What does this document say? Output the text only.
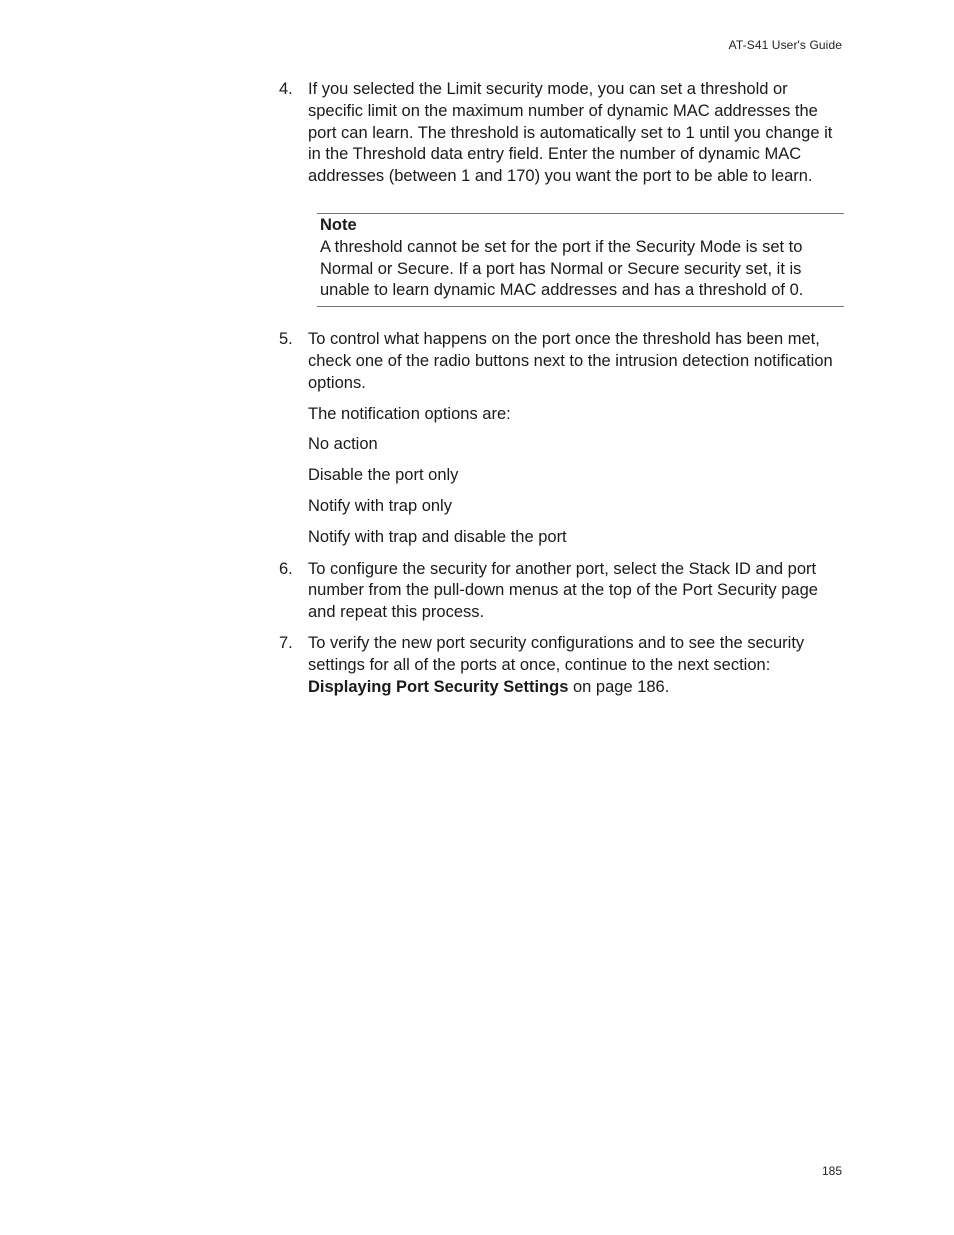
AT-S41 User's Guide
4. If you selected the Limit security mode, you can set a threshold or specific limit on the maximum number of dynamic MAC addresses the port can learn. The threshold is automatically set to 1 until you change it in the Threshold data entry field. Enter the number of dynamic MAC addresses (between 1 and 170) you want the port to be able to learn.

Note

A threshold cannot be set for the port if the Security Mode is set to Normal or Secure. If a port has Normal or Secure security set, it is unable to learn dynamic MAC addresses and has a threshold of 0.

5. To control what happens on the port once the threshold has been met, check one of the radio buttons next to the intrusion detection notification options.

The notification options are:

No action

Disable the port only

Notify with trap only

Notify with trap and disable the port

6. To configure the security for another port, select the Stack ID and port number from the pull-down menus at the top of the Port Security page and repeat this process.

7. To verify the new port security configurations and to see the security settings for all of the ports at once, continue to the next section: Displaying Port Security Settings on page 186.

185
